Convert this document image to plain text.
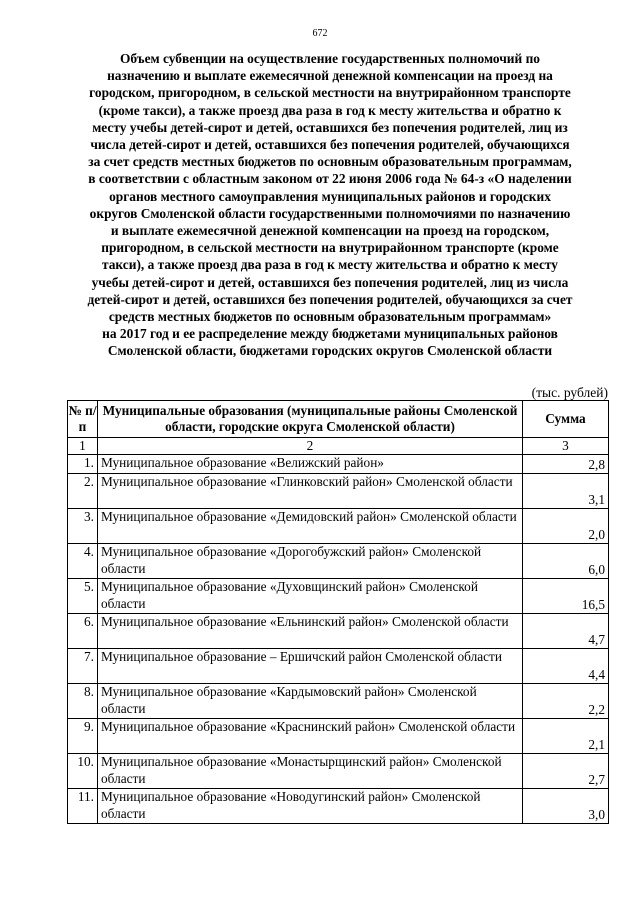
672
Объем субвенции на осуществление государственных полномочий по
назначению и выплате ежемесячной денежной компенсации на проезд на
городском, пригородном, в сельской местности на внутрирайонном транспорте
(кроме такси), а также проезд два раза в год к месту жительства и обратно к
месту учебы детей-сирот и детей, оставшихся без попечения родителей, лиц из
числа детей-сирот и детей, оставшихся без попечения родителей, обучающихся
за счет средств местных бюджетов по основным образовательным программам,
в соответствии с областным законом от 22 июня 2006 года № 64-з «О наделении
органов местного самоуправления муниципальных районов и городских
округов Смоленской области государственными полномочиями по назначению
и выплате ежемесячной денежной компенсации на проезд на городском,
пригородном, в сельской местности на внутрирайонном транспорте (кроме
такси), а также проезд два раза в год к месту жительства и обратно к месту
учебы детей-сирот и детей, оставшихся без попечения родителей, лиц из числа
детей-сирот и детей, оставшихся без попечения родителей, обучающихся за счет
средств местных бюджетов по основным образовательным программам»
на 2017 год и ее распределение между бюджетами муниципальных районов
Смоленской области, бюджетами городских округов Смоленской области
(тыс. рублей)
№ п/п	Муниципальные образования (муниципальные районы Смоленской области, городские округа Смоленской области)	Сумма
1	2	3
1.	Муниципальное образование «Велижский район»	2,8
2.	Муниципальное образование «Глинковский район» Смоленской области	3,1
3.	Муниципальное образование «Демидовский район» Смоленской области	2,0
4.	Муниципальное образование «Дорогобужский район» Смоленской области	6,0
5.	Муниципальное образование «Духовщинский район» Смоленской области	16,5
6.	Муниципальное образование «Ельнинский район» Смоленской области	4,7
7.	Муниципальное образование – Ершичский район Смоленской области	4,4
8.	Муниципальное образование «Кардымовский район» Смоленской области	2,2
9.	Муниципальное образование «Краснинский район» Смоленской области	2,1
10.	Муниципальное образование «Монастырщинский район» Смоленской области	2,7
11.	Муниципальное образование «Новодугинский район» Смоленской области	3,0
